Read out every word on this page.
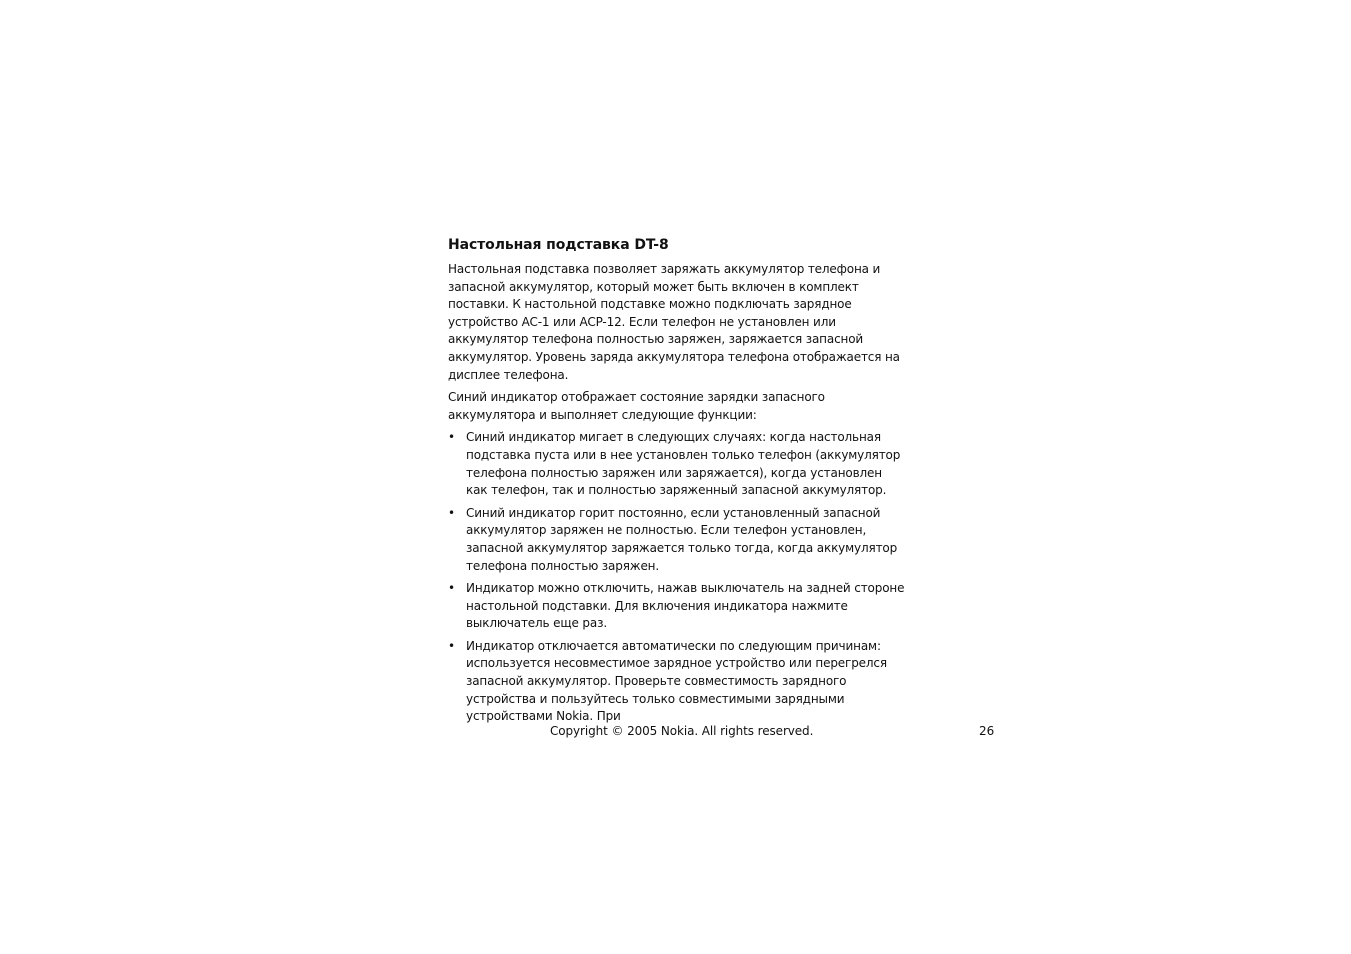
Настольная подставка DT-8

Настольная подставка позволяет заряжать аккумулятор телефона и запасной аккумулятор, который может быть включен в комплект поставки. К настольной подставке можно подключать зарядное устройство AC-1 или ACP-12. Если телефон не установлен или аккумулятор телефона полностью заряжен, заряжается запасной аккумулятор. Уровень заряда аккумулятора телефона отображается на дисплее телефона.

Синий индикатор отображает состояние зарядки запасного аккумулятора и выполняет следующие функции:

• Синий индикатор мигает в следующих случаях: когда настольная подставка пуста или в нее установлен только телефон (аккумулятор телефона полностью заряжен или заряжается), когда установлен как телефон, так и полностью заряженный запасной аккумулятор.
• Синий индикатор горит постоянно, если установленный запасной аккумулятор заряжен не полностью. Если телефон установлен, запасной аккумулятор заряжается только тогда, когда аккумулятор телефона полностью заряжен.
• Индикатор можно отключить, нажав выключатель на задней стороне настольной подставки. Для включения индикатора нажмите выключатель еще раз.
• Индикатор отключается автоматически по следующим причинам: используется несовместимое зарядное устройство или перегрелся запасной аккумулятор. Проверьте совместимость зарядного устройства и пользуйтесь только совместимыми зарядными устройствами Nokia. При
Copyright © 2005 Nokia. All rights reserved.	26
